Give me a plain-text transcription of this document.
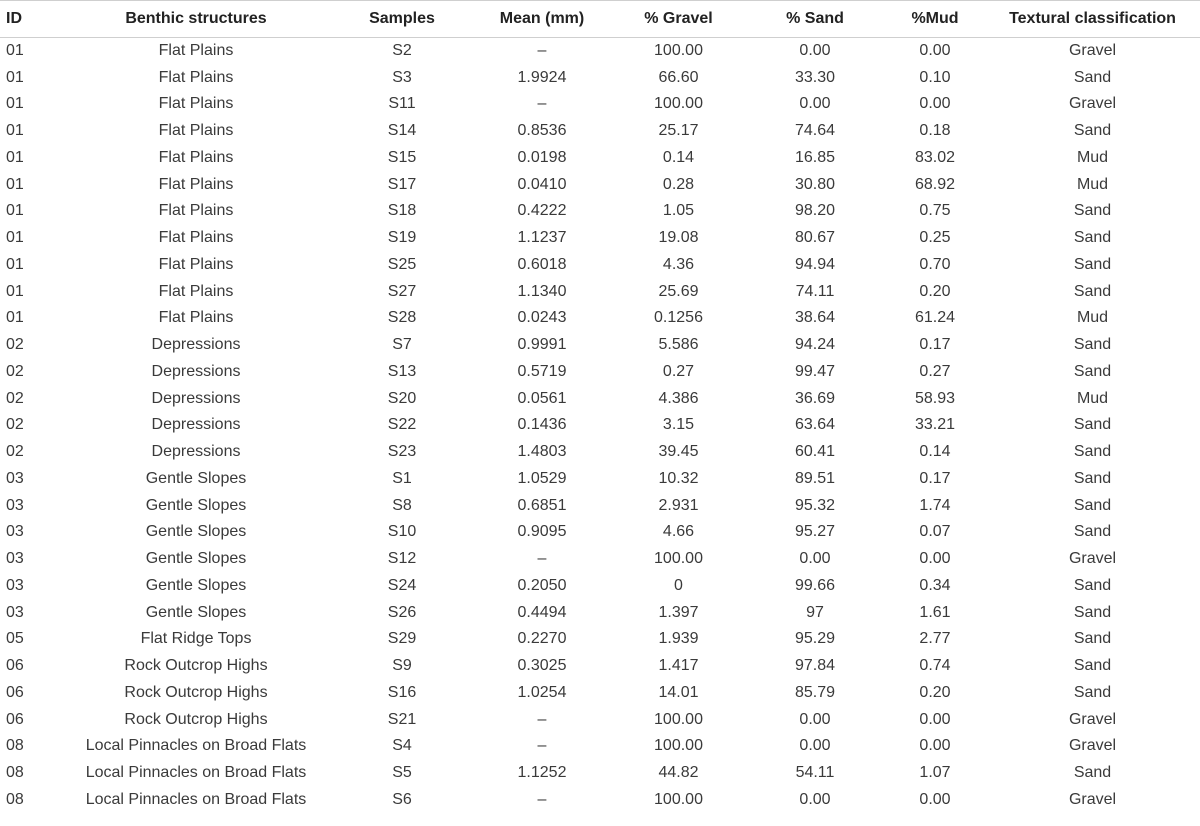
ID	Benthic structures	Samples	Mean (mm)	% Gravel	% Sand	%Mud	Textural classification
01	Flat Plains	S2	–	100.00	0.00	0.00	Gravel
01	Flat Plains	S3	1.9924	66.60	33.30	0.10	Sand
01	Flat Plains	S11	–	100.00	0.00	0.00	Gravel
01	Flat Plains	S14	0.8536	25.17	74.64	0.18	Sand
01	Flat Plains	S15	0.0198	0.14	16.85	83.02	Mud
01	Flat Plains	S17	0.0410	0.28	30.80	68.92	Mud
01	Flat Plains	S18	0.4222	1.05	98.20	0.75	Sand
01	Flat Plains	S19	1.1237	19.08	80.67	0.25	Sand
01	Flat Plains	S25	0.6018	4.36	94.94	0.70	Sand
01	Flat Plains	S27	1.1340	25.69	74.11	0.20	Sand
01	Flat Plains	S28	0.0243	0.1256	38.64	61.24	Mud
02	Depressions	S7	0.9991	5.586	94.24	0.17	Sand
02	Depressions	S13	0.5719	0.27	99.47	0.27	Sand
02	Depressions	S20	0.0561	4.386	36.69	58.93	Mud
02	Depressions	S22	0.1436	3.15	63.64	33.21	Sand
02	Depressions	S23	1.4803	39.45	60.41	0.14	Sand
03	Gentle Slopes	S1	1.0529	10.32	89.51	0.17	Sand
03	Gentle Slopes	S8	0.6851	2.931	95.32	1.74	Sand
03	Gentle Slopes	S10	0.9095	4.66	95.27	0.07	Sand
03	Gentle Slopes	S12	–	100.00	0.00	0.00	Gravel
03	Gentle Slopes	S24	0.2050	0	99.66	0.34	Sand
03	Gentle Slopes	S26	0.4494	1.397	97	1.61	Sand
05	Flat Ridge Tops	S29	0.2270	1.939	95.29	2.77	Sand
06	Rock Outcrop Highs	S9	0.3025	1.417	97.84	0.74	Sand
06	Rock Outcrop Highs	S16	1.0254	14.01	85.79	0.20	Sand
06	Rock Outcrop Highs	S21	–	100.00	0.00	0.00	Gravel
08	Local Pinnacles on Broad Flats	S4	–	100.00	0.00	0.00	Gravel
08	Local Pinnacles on Broad Flats	S5	1.1252	44.82	54.11	1.07	Sand
08	Local Pinnacles on Broad Flats	S6	–	100.00	0.00	0.00	Gravel
